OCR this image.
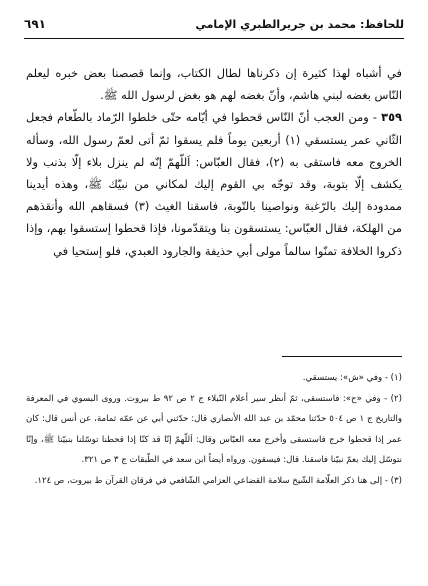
للحافظ: محمد بن جريرالطبري الإمامي
٦٩١

في أشباه لهذا كثيرة إن ذكرناها لطال الكتاب، وإنما قصصنا بعض خبره ليعلم النّاس بغضه لبني هاشم، وأنّ بغضه لهم هو بغض لرسول الله ﷺ.

٣٥٩ - ومن العجب أنّ النّاس قحطوا في أيّامه حتّى خلطوا الرّماد بالطّعام فجعل الثّاني عمر يستسقي (١) أربعين يوماً فلم يسقوا ثمّ أتى لعمّ رسول الله، وسأله الخروج معه فاستقى به (٢)، فقال العبّاس: اَللّهمّ إنّه لم ينزل بلاء إلّا بذنب ولا يكشف إلّا بتوبة، وقد توجّه بي القوم إليك لمكاني من نبيّك ﷺ، وهذه أيدينا ممدودة إليك بالرّغبة ونواصينا بالتّوبة، فاسقنا الغيث (٣) فسقاهم الله وأنقذهم من الهلكة، فقال العبّاس: يستسقون بنا ويتقدّمونا، فإذا قحطوا إستسقوا بهم، وإذا ذكروا الخلافة تمنّوا سالماً مولى أبي حذيفة والجارود العبدي، فلو إستحيا في

(١) - وفي «ش»: يستسقي.

(٢) - وفي «ح»: فاستسقى، ثمّ أنظر سير أعلام النّبلاء ج ٢ ص ٩٢ ط بيروت. وروى البسوي في المعرفة والتاريخ ج ١ ص ٥٠٤ حدّثنا محمّد بن عبد الله الأنصاري قال: حدّثني أبي عن عمّه ثمامة، عن أنس قال: كان عمر إذا قحطوا خرج فاستسقى وأخرج معه العبّاس وقال: اَللّهمّ إنّا قد كنّا إذا قحطنا توسّلنا بنبيّنا ﷺ، وإنّا نتوسّل إليك بعمّ نبيّنا فاسقنا. قال: فيسقون. ورواه أيضاً ابن سعد في الطّبقات ج ٣ ص ٣٢١.

(٣) - إلى هنا ذكر العلّامة الشّيخ سلامة القضاعي العزامي الشّافعي في فرقان القرآن ط بيروت، ص ١٢٤.
